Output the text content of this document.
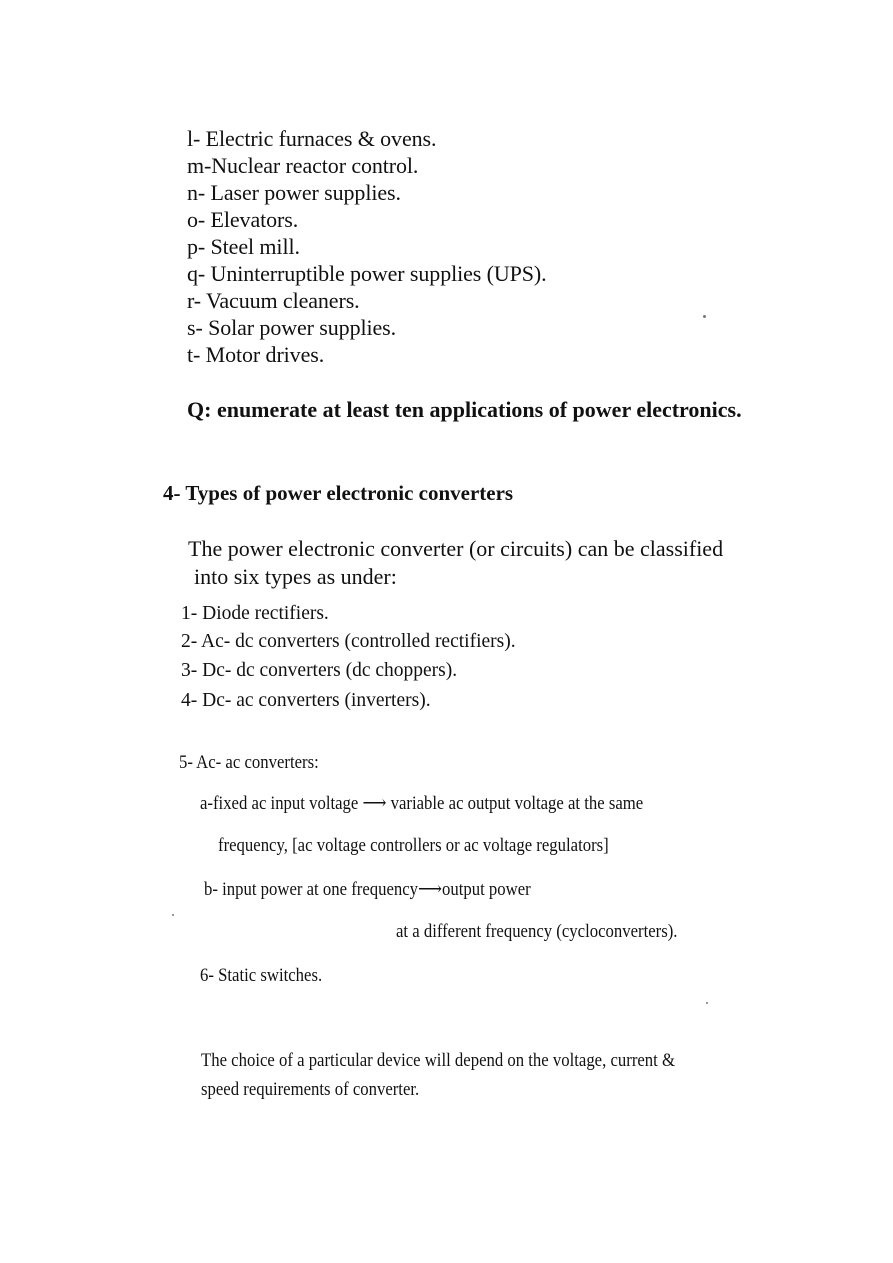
l- Electric furnaces & ovens.
m-Nuclear reactor control.
n- Laser power supplies.
o- Elevators.
p- Steel mill.
q- Uninterruptible power supplies (UPS).
r- Vacuum cleaners.
s- Solar power supplies.
t- Motor drives.
Q: enumerate at least ten applications of power electronics.
4- Types of power electronic converters
The power electronic converter (or circuits) can be classified
into six types as under:
1- Diode rectifiers.
2- Ac- dc converters (controlled rectifiers).
3- Dc- dc converters (dc choppers).
4- Dc- ac converters (inverters).
5- Ac- ac converters:
a-fixed ac input voltage ⟶ variable ac output voltage at the same
frequency, [ac voltage controllers or ac voltage regulators]
b- input power at one frequency⟶output power
at a different frequency (cycloconverters).
6- Static switches.
The choice of a particular device will depend on the voltage, current &
speed requirements of converter.
